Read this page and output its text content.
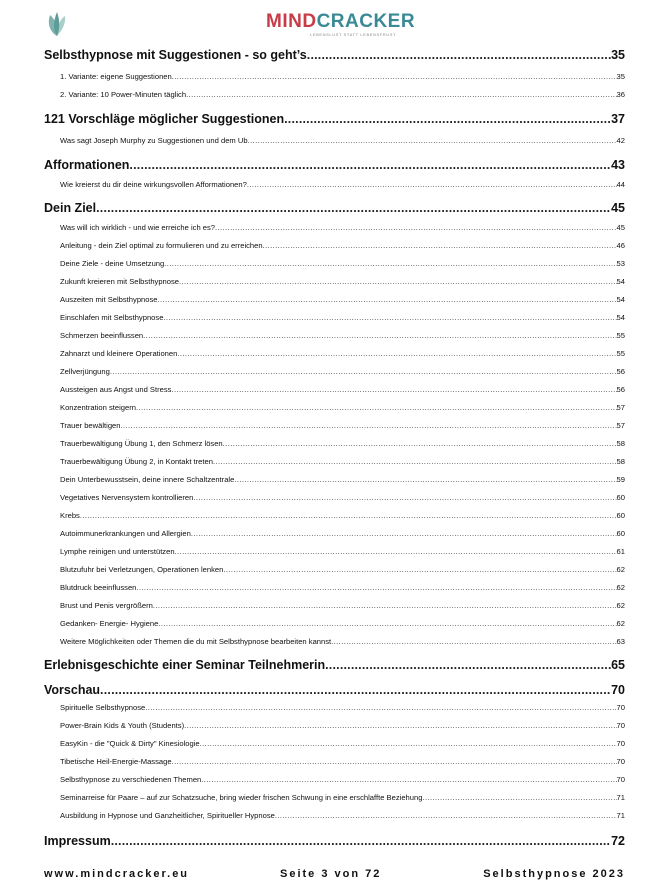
MINDCRACKER
LEBENSLUST STATT LEBENSFRUST
Selbsthypnose mit Suggestionen - so geht’s .....	35
1. Variante: eigene Suggestionen .....	35
2. Variante: 10 Power-Minuten täglich .....	36
121 Vorschläge möglicher Suggestionen .....	37
Was sagt Joseph Murphy zu Suggestionen und dem Ub .....	42
Afformationen .....	43
Wie kreierst du dir deine wirkungsvollen Afformationen? .....	44
Dein Ziel .....	45
Was will ich wirklich - und wie erreiche ich es? .....	45
Anleitung - dein Ziel optimal zu formulieren und zu erreichen .....	46
Deine Ziele - deine Umsetzung .....	53
Zukunft kreieren mit Selbsthypnose .....	54
Auszeiten mit Selbsthypnose .....	54
Einschlafen mit Selbsthypnose .....	54
Schmerzen beeinflussen .....	55
Zahnarzt und kleinere Operationen .....	55
Zellverjüngung .....	56
Aussteigen aus Angst und Stress .....	56
Konzentration steigern .....	57
Trauer bewältigen .....	57
Trauerbewältigung Übung 1, den Schmerz lösen .....	58
Trauerbewältigung Übung 2, in Kontakt treten .....	58
Dein Unterbewusstsein, deine innere Schaltzentrale .....	59
Vegetatives Nervensystem kontrollieren .....	60
Krebs .....	60
Autoimmunerkrankungen und Allergien .....	60
Lymphe reinigen und unterstützen .....	61
Blutzufuhr bei Verletzungen, Operationen lenken .....	62
Blutdruck beeinflussen .....	62
Brust und Penis vergrößern .....	62
Gedanken- Energie- Hygiene .....	62
Weitere Möglichkeiten oder Themen die du mit Selbsthypnose bearbeiten kannst .....	63
Erlebnisgeschichte einer Seminar Teilnehmerin .....	65
Vorschau .....	70
Spirituelle Selbsthypnose .....	70
Power-Brain Kids & Youth (Students) .....	70
EasyKin - die "Quick & Dirty" Kinesiologie .....	70
Tibetische Heil-Energie-Massage .....	70
Selbsthypnose zu verschiedenen Themen .....	70
Seminarreise für Paare – auf zur Schatzsuche, bring wieder frischen Schwung in eine erschlaffte Beziehung .....	71
Ausbildung in Hypnose und Ganzheitlicher, Spiritueller Hypnose .....	71
Impressum .....	72
www.mindcracker.eu	Seite 3 von 72	Selbsthypnose 2023
